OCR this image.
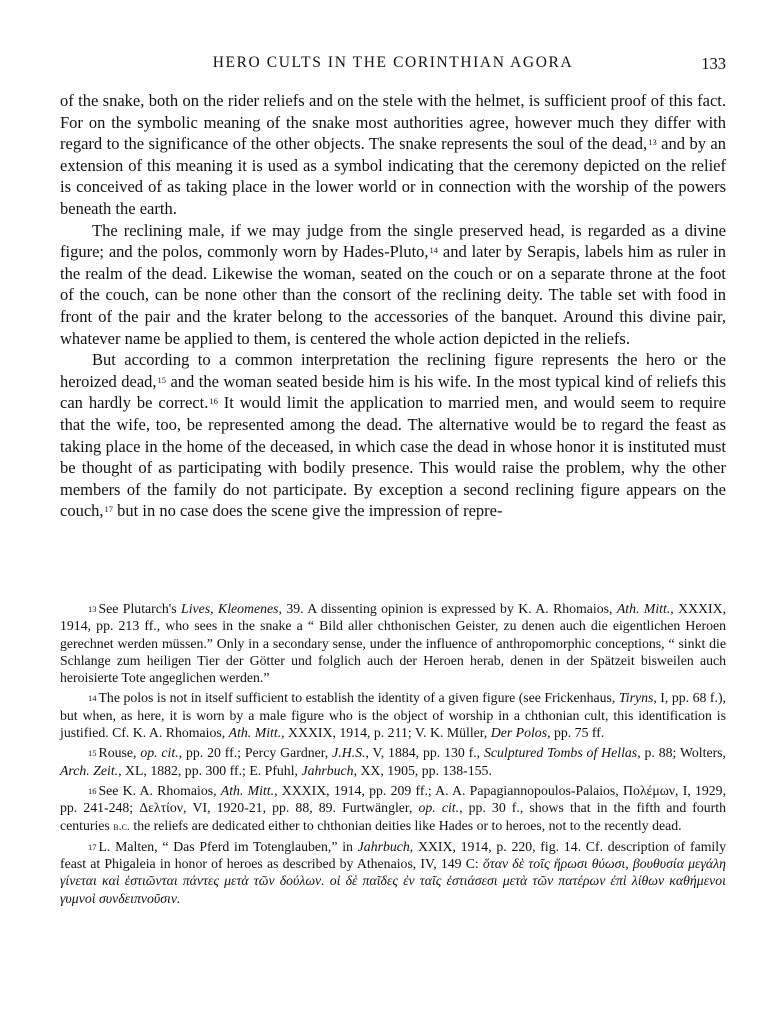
HERO CULTS IN THE CORINTHIAN AGORA	133

of the snake, both on the rider reliefs and on the stele with the helmet, is sufficient proof of this fact. For on the symbolic meaning of the snake most authorities agree, however much they differ with regard to the significance of the other objects. The snake represents the soul of the dead,$^{13}$ and by an extension of this meaning it is used as a symbol indicating that the ceremony depicted on the relief is conceived of as taking place in the lower world or in connection with the worship of the powers beneath the earth.

The reclining male, if we may judge from the single preserved head, is regarded as a divine figure; and the polos, commonly worn by Hades-Pluto,$^{14}$ and later by Serapis, labels him as ruler in the realm of the dead. Likewise the woman, seated on the couch or on a separate throne at the foot of the couch, can be none other than the consort of the reclining deity. The table set with food in front of the pair and the krater belong to the accessories of the banquet. Around this divine pair, whatever name be applied to them, is centered the whole action depicted in the reliefs.

But according to a common interpretation the reclining figure represents the hero or the heroized dead,$^{15}$ and the woman seated beside him is his wife. In the most typical kind of reliefs this can hardly be correct.$^{16}$ It would limit the application to married men, and would seem to require that the wife, too, be represented among the dead. The alternative would be to regard the feast as taking place in the home of the deceased, in which case the dead in whose honor it is instituted must be thought of as participating with bodily presence. This would raise the problem, why the other members of the family do not participate. By exception a second reclining figure appears on the couch,$^{17}$ but in no case does the scene give the impression of repre-

$^{13}$ See Plutarch's Lives, Kleomenes, 39. A dissenting opinion is expressed by K. A. Rhomaios, Ath. Mitt., XXXIX, 1914, pp. 213 ff., who sees in the snake a “ Bild aller chthonischen Geister, zu denen auch die eigentlichen Heroen gerechnet werden müssen.” Only in a secondary sense, under the influence of anthropomorphic conceptions, “ sinkt die Schlange zum heiligen Tier der Götter und folglich auch der Heroen herab, denen in der Spätzeit bisweilen auch heroisierte Tote angeglichen werden.”

$^{14}$ The polos is not in itself sufficient to establish the identity of a given figure (see Frickenhaus, Tiryns, I, pp. 68 f.), but when, as here, it is worn by a male figure who is the object of worship in a chthonian cult, this identification is justified. Cf. K. A. Rhomaios, Ath. Mitt., XXXIX, 1914, p. 211; V. K. Müller, Der Polos, pp. 75 ff.

$^{15}$ Rouse, op. cit., pp. 20 ff.; Percy Gardner, J.H.S., V, 1884, pp. 130 f., Sculptured Tombs of Hellas, p. 88; Wolters, Arch. Zeit., XL, 1882, pp. 300 ff.; E. Pfuhl, Jahrbuch, XX, 1905, pp. 138-155.

$^{16}$ See K. A. Rhomaios, Ath. Mitt., XXXIX, 1914, pp. 209 ff.; A. A. Papagiannopoulos-Palaios, Πολέμων, I, 1929, pp. 241-248; Δελτίον, VI, 1920-21, pp. 88, 89. Furtwängler, op. cit., pp. 30 f., shows that in the fifth and fourth centuries b.c. the reliefs are dedicated either to chthonian deities like Hades or to heroes, not to the recently dead.

$^{17}$ L. Malten, “ Das Pferd im Totenglauben,” in Jahrbuch, XXIX, 1914, p. 220, fig. 14. Cf. description of family feast at Phigaleia in honor of heroes as described by Athenaios, IV, 149 C: ὅταν δὲ τοῖς ἥρωσι θύωσι, βουθυσία μεγάλη γίνεται καὶ ἑστιῶνται πάντες μετὰ τῶν δούλων. οἱ δὲ παῖδες ἐν ταῖς ἑστιάσεσι μετὰ τῶν πατέρων ἐπὶ λίθων καθήμενοι γυμνοὶ συνδειπνοῦσιν.
